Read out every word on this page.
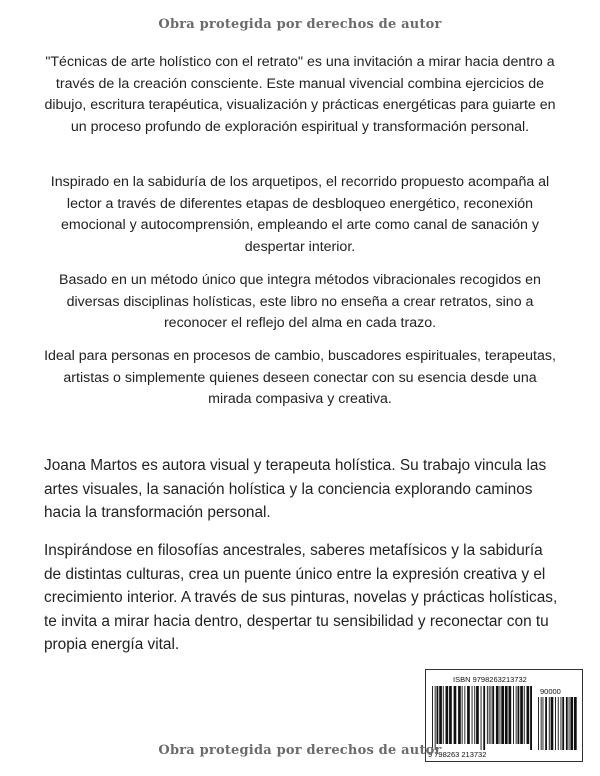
Obra protegida por derechos de autor

"Técnicas de arte holístico con el retrato" es una invitación a mirar hacia dentro a través de la creación consciente. Este manual vivencial combina ejercicios de dibujo, escritura terapéutica, visualización y prácticas energéticas para guiarte en un proceso profundo de exploración espiritual y transformación personal.

Inspirado en la sabiduría de los arquetipos, el recorrido propuesto acompaña al lector a través de diferentes etapas de desbloqueo energético, reconexión emocional y autocomprensión, empleando el arte como canal de sanación y despertar interior.

Basado en un método único que integra métodos vibracionales recogidos en diversas disciplinas holísticas, este libro no enseña a crear retratos, sino a reconocer el reflejo del alma en cada trazo.

Ideal para personas en procesos de cambio, buscadores espirituales, terapeutas, artistas o simplemente quienes deseen conectar con su esencia desde una mirada compasiva y creativa.

Joana Martos es autora visual y terapeuta holística. Su trabajo vincula las artes visuales, la sanación holística y la conciencia explorando caminos hacia la transformación personal.

Inspirándose en filosofías ancestrales, saberes metafísicos y la sabiduría de distintas culturas, crea un puente único entre la expresión creativa y el crecimiento interior. A través de sus pinturas, novelas y prácticas holísticas, te invita a mirar hacia dentro, despertar tu sensibilidad y reconectar con tu propia energía vital.

ISBN 9798263213732
90000
9 798263 213732
Obra protegida por derechos de autor
